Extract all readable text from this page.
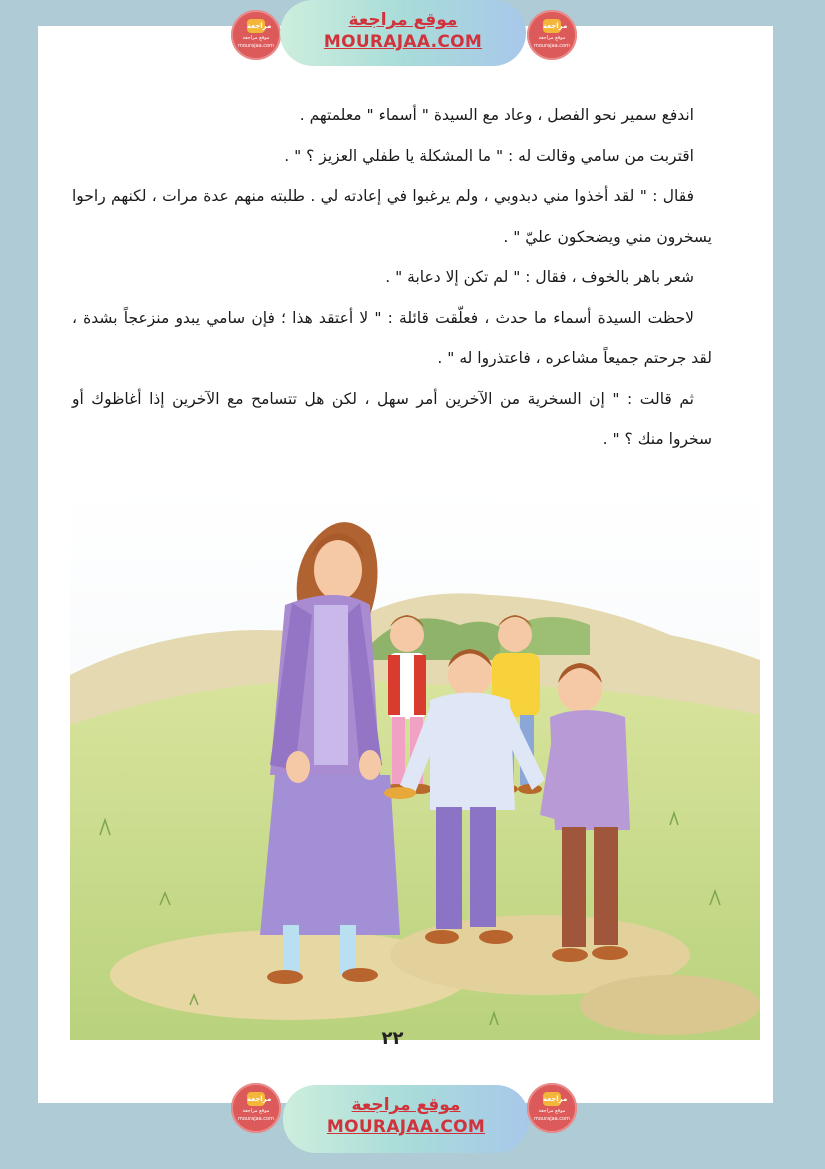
مراجعة
موقع مراجعة
mourajaa.com
موقع مراجعة
MOURAJAA.COM
مراجعة
موقع مراجعة
mourajaa.com

اندفع سمير نحو الفصل ، وعاد مع السيدة " أسماء " معلمتهم .

اقتربت من سامي وقالت له : " ما المشكلة يا طفلي العزيز ؟ " .

فقال : " لقد أخذوا مني دبدوبي ، ولم يرغبوا في إعادته لي . طلبته منهم عدة مرات ، لكنهم راحوا يسخرون مني ويضحكون عليّ " .

شعر باهر بالخوف ، فقال : " لم تكن إلا دعابة " .

لاحظت السيدة أسماء ما حدث ، فعلّقت قائلة : " لا أعتقد هذا ؛ فإن سامي يبدو منزعجاً بشدة ، لقد جرحتم جميعاً مشاعره ، فاعتذروا له " .

ثم قالت : " إن السخرية من الآخرين أمر سهل ، لكن هل تتسامح مع الآخرين إذا أغاظوك أو سخروا منك ؟ " .

٢٢
مراجعة
موقع مراجعة
mourajaa.com
موقع مراجعة
MOURAJAA.COM
مراجعة
موقع مراجعة
mourajaa.com
